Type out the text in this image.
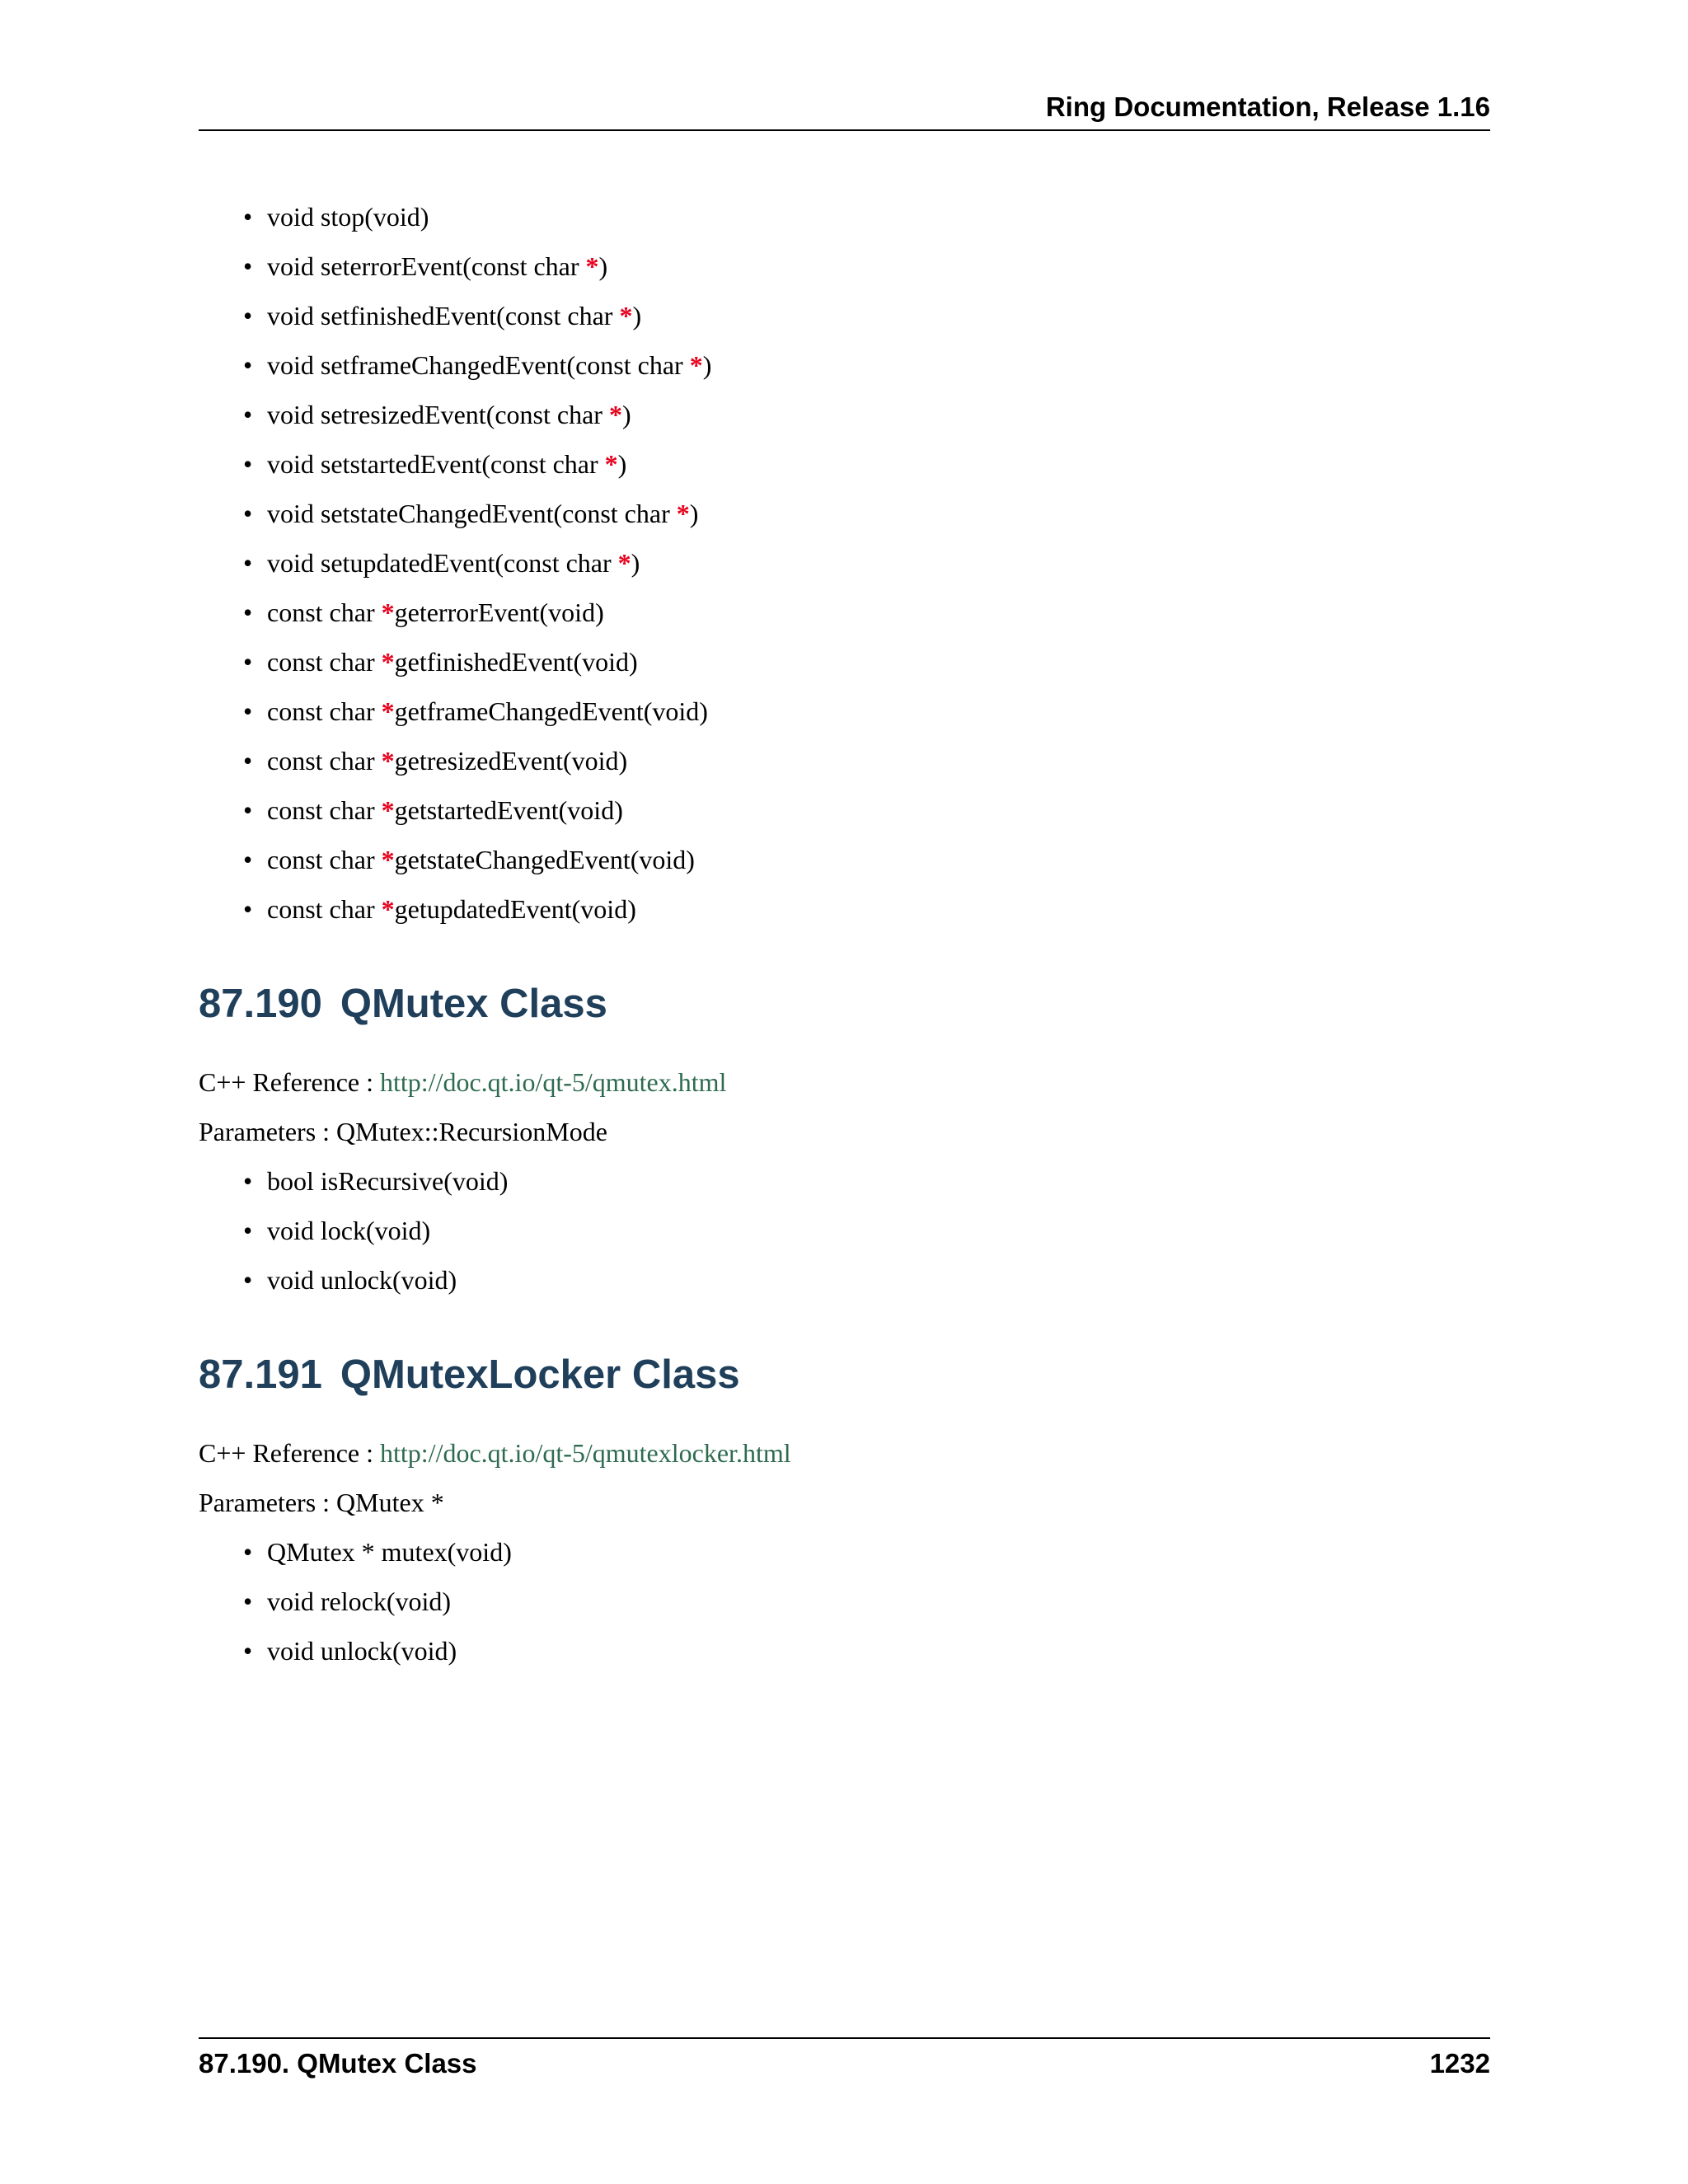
Ring Documentation, Release 1.16
• void stop(void)
• void seterrorEvent(const char *)
• void setfinishedEvent(const char *)
• void setframeChangedEvent(const char *)
• void setresizedEvent(const char *)
• void setstartedEvent(const char *)
• void setstateChangedEvent(const char *)
• void setupdatedEvent(const char *)
• const char *geterrorEvent(void)
• const char *getfinishedEvent(void)
• const char *getframeChangedEvent(void)
• const char *getresizedEvent(void)
• const char *getstartedEvent(void)
• const char *getstateChangedEvent(void)
• const char *getupdatedEvent(void)
87.190 QMutex Class

C++ Reference : http://doc.qt.io/qt-5/qmutex.html

Parameters : QMutex::RecursionMode

• bool isRecursive(void)
• void lock(void)
• void unlock(void)
87.191 QMutexLocker Class

C++ Reference : http://doc.qt.io/qt-5/qmutexlocker.html

Parameters : QMutex *

• QMutex * mutex(void)
• void relock(void)
• void unlock(void)
87.190. QMutex Class	1232
